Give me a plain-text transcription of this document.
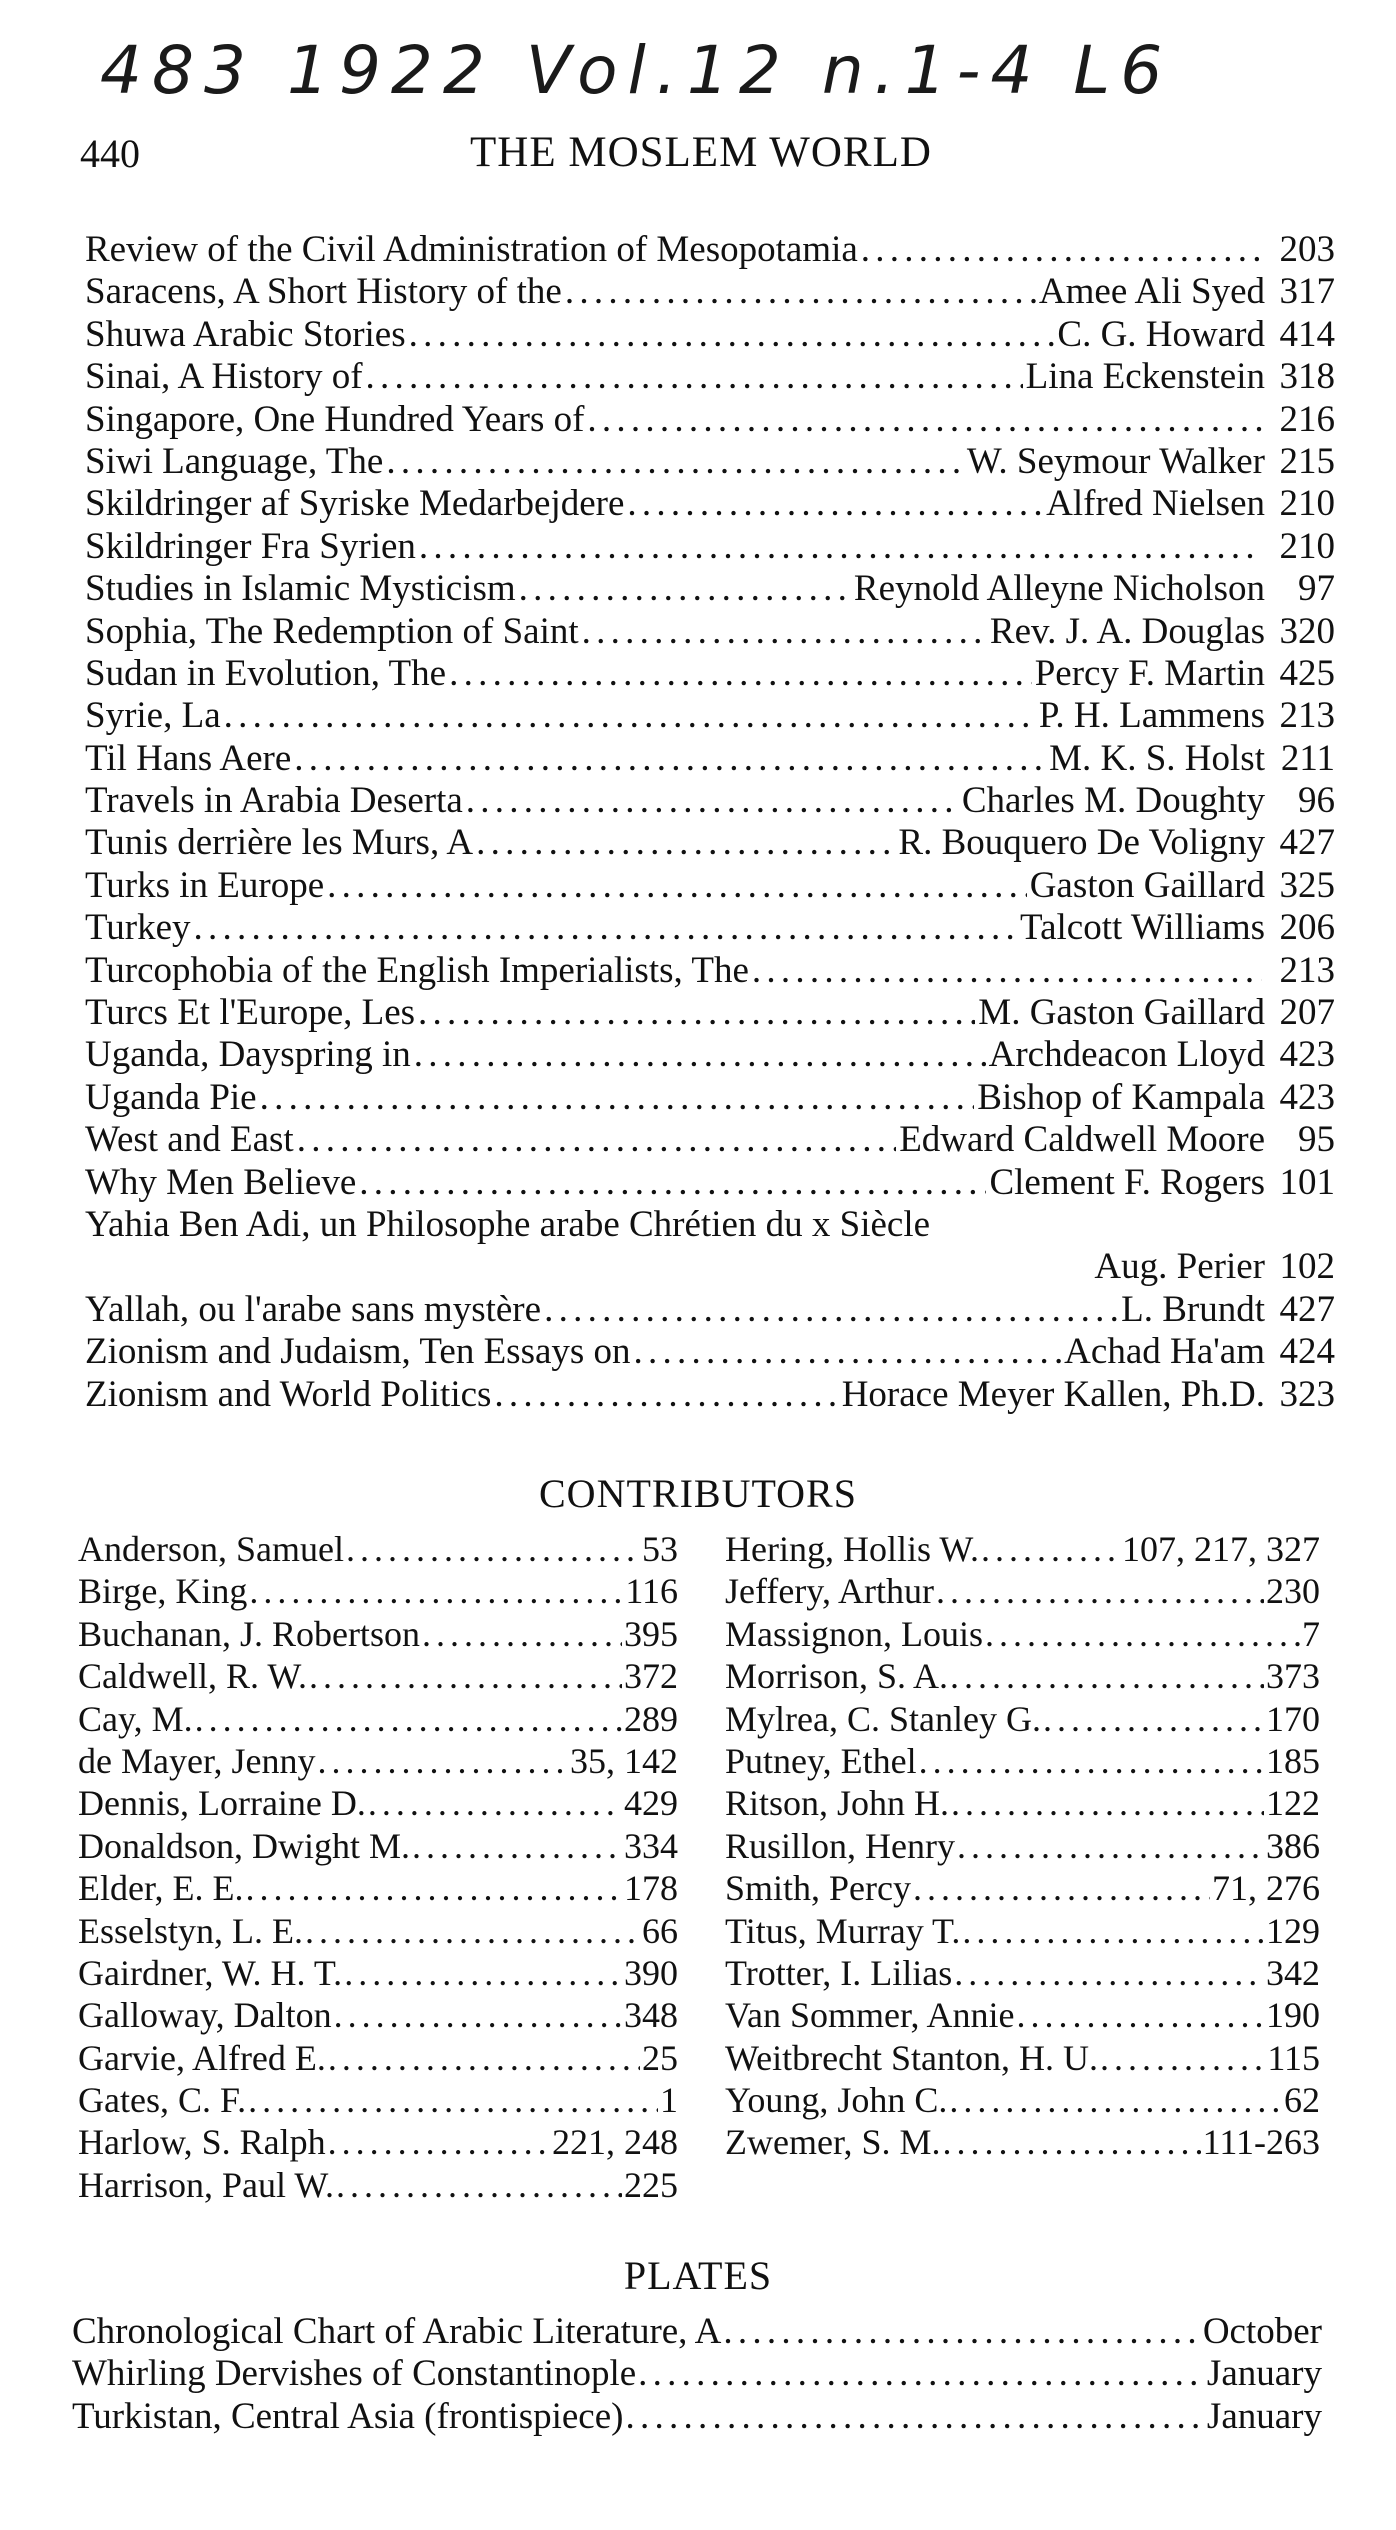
483 1922 Vol.12 n.1-4 L6
440	THE MOSLEM WORLD
Review of the Civil Administration of Mesopotamia . . .	203
Saracens, A Short History of the . . .	Amee Ali Syed 317
Shuwa Arabic Stories . . .	C. G. Howard 414
Sinai, A History of . . .	Lina Eckenstein 318
Singapore, One Hundred Years of . . .	216
Siwi Language, The . . .	W. Seymour Walker 215
Skildringer af Syriske Medarbejdere . . .	Alfred Nielsen 210
Skildringer Fra Syrien . . .	210
Studies in Islamic Mysticism . . .	Reynold Alleyne Nicholson 97
Sophia, The Redemption of Saint . . .	Rev. J. A. Douglas 320
Sudan in Evolution, The . . .	Percy F. Martin 425
Syrie, La . . .	P. H. Lammens 213
Til Hans Aere . . .	M. K. S. Holst 211
Travels in Arabia Deserta . . .	Charles M. Doughty 96
Tunis derrière les Murs, A . . .	R. Bouquero De Voligny 427
Turks in Europe . . .	Gaston Gaillard 325
Turkey . . .	Talcott Williams 206
Turcophobia of the English Imperialists, The . . .	213
Turcs Et l'Europe, Les . . .	M. Gaston Gaillard 207
Uganda, Dayspring in . . .	Archdeacon Lloyd 423
Uganda Pie . . .	Bishop of Kampala 423
West and East . . .	Edward Caldwell Moore 95
Why Men Believe . . .	Clement F. Rogers 101
Yahia Ben Adi, un Philosophe arabe Chrétien du x Siècle
Aug. Perier 102
Yallah, ou l'arabe sans mystère . . .	L. Brundt 427
Zionism and Judaism, Ten Essays on . . .	Achad Ha'am 424
Zionism and World Politics . . .	Horace Meyer Kallen, Ph.D. 323
CONTRIBUTORS
Anderson, Samuel . . .	53
Birge, King . . .	116
Buchanan, J. Robertson . . .	395
Caldwell, R. W. . . .	372
Cay, M. . . .	289
de Mayer, Jenny . . .	35, 142
Dennis, Lorraine D. . . .	429
Donaldson, Dwight M. . . .	334
Elder, E. E. . . .	178
Esselstyn, L. E. . . .	66
Gairdner, W. H. T. . . .	390
Galloway, Dalton . . .	348
Garvie, Alfred E. . . .	25
Gates, C. F. . . .	1
Harlow, S. Ralph . . .	221, 248
Harrison, Paul W. . . .	225
Hering, Hollis W. . . .	107, 217, 327
Jeffery, Arthur . . .	230
Massignon, Louis . . .	7
Morrison, S. A. . . .	373
Mylrea, C. Stanley G. . . .	170
Putney, Ethel . . .	185
Ritson, John H. . . .	122
Rusillon, Henry . . .	386
Smith, Percy . . .	71, 276
Titus, Murray T. . . .	129
Trotter, I. Lilias . . .	342
Van Sommer, Annie . . .	190
Weitbrecht Stanton, H. U. . . .	115
Young, John C. . . .	62
Zwemer, S. M. . . .	111-263
PLATES
Chronological Chart of Arabic Literature, A . . .	October
Whirling Dervishes of Constantinople . . .	January
Turkistan, Central Asia (frontispiece) . . .	January
